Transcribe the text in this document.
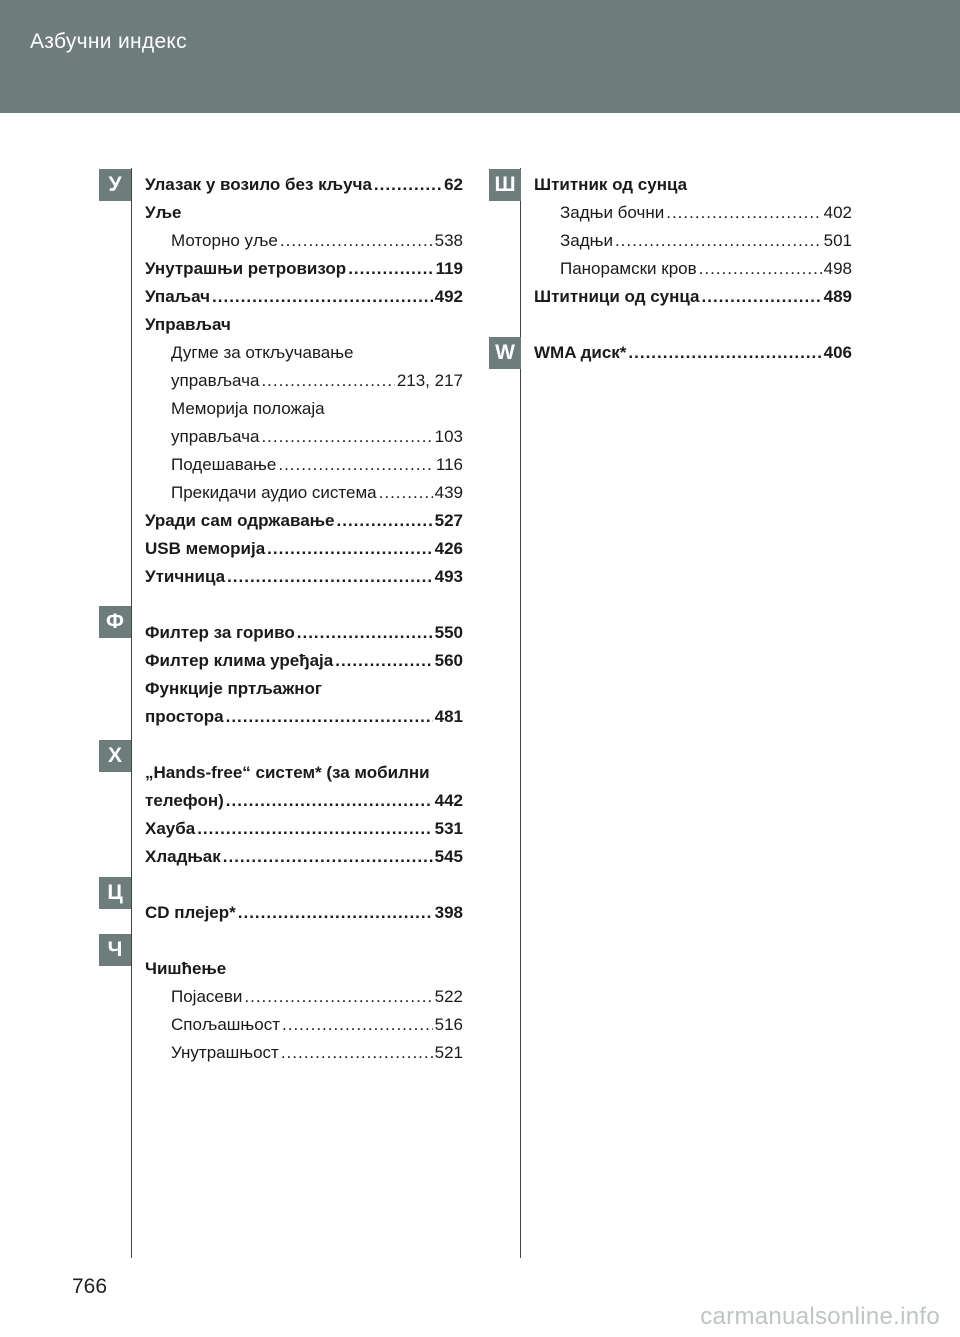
Азбучни индекс
У
Ф
Х
Ц
Ч
Ш
W
Улазак у возило без кључа .....	62
Уље
Моторно уље .....	538
Унутрашњи ретровизор .....	119
Упаљач .....	492
Управљач
Дугме за откључавање
управљача .....	213, 217
Меморија положаја
управљача .....	103
Подешавање .....	116
Прекидачи аудио система .....	439
Уради сам одржавање .....	527
USB меморија .....	426
Утичница .....	493
Филтер за гориво .....	550
Филтер клима уређаја .....	560
Функције пртљажног
простора .....	481
„Hands-free“ систем* (за мобилни
телефон) .....	442
Хауба .....	531
Хладњак .....	545
CD плејер* .....	398
Чишћење
Појасеви .....	522
Спољашњост .....	516
Унутрашњост .....	521
Штитник од сунца
Задњи бочни .....	402
Задњи .....	501
Панорамски кров .....	498
Штитници од сунца .....	489
WMA диск* .....	406
766
carmanualsonline.info
